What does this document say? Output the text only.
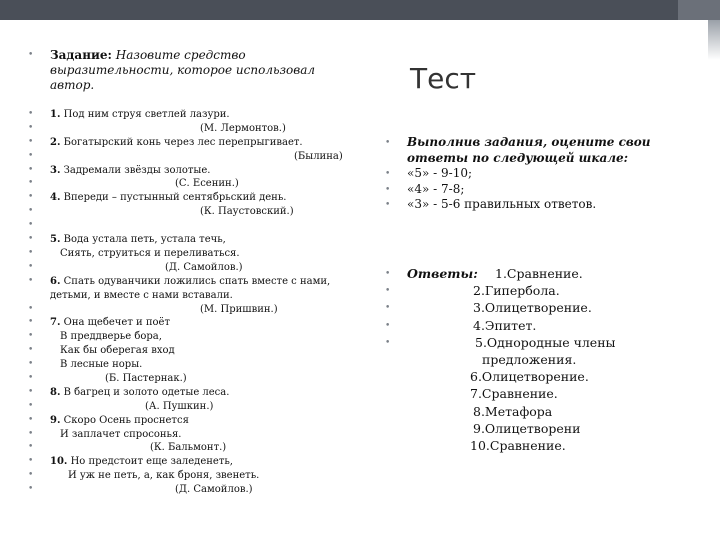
• Задание: Назовите средство выразительности, которое использовал автор.
• 1. Под ним струя светлей лазури.
•	(М. Лермонтов.)
• 2. Богатырский конь через лес перепрыгивает.
•	(Былина)
• 3. Задремали звёзды золотые.
•	(С. Есенин.)
• 4. Впереди – пустынный сентябрьский день.
•	(К. Паустовский.)
•
• 5. Вода устала петь, устала течь,
•	Сиять, струиться и переливаться.
•	(Д. Самойлов.)
• 6. Спать одуванчики ложились спать вместе с нами, детьми, и вместе с нами вставали.
•	(М. Пришвин.)
• 7. Она щебечет и поёт
•	В преддверье бора,
•	Как бы оберегая вход
•	В лесные норы.
•	(Б. Пастернак.)
• 8. В багрец и золото одетые леса.
•	(А. Пушкин.)
• 9. Скоро Осень проснется
•	И заплачет спросонья.
•	(К. Бальмонт.)
• 10. Но предстоит еще заледенеть,
•	И уж не петь, а, как броня, звенеть.
•	(Д. Самойлов.)
Тест
• Выполнив задания, оцените свои ответы по следующей шкале:
• «5» - 9-10;
• «4» - 7-8;
• «3» - 5-6 правильных ответов.
• Ответы: 1.Сравнение.
•	2.Гипербола.
•	3.Олицетворение.
•	4.Эпитет.
•	5.Однородные члены
предложения.
6.Олицетворение.
7.Сравнение.
8.Метафора
9.Олицетворени
10.Сравнение.
